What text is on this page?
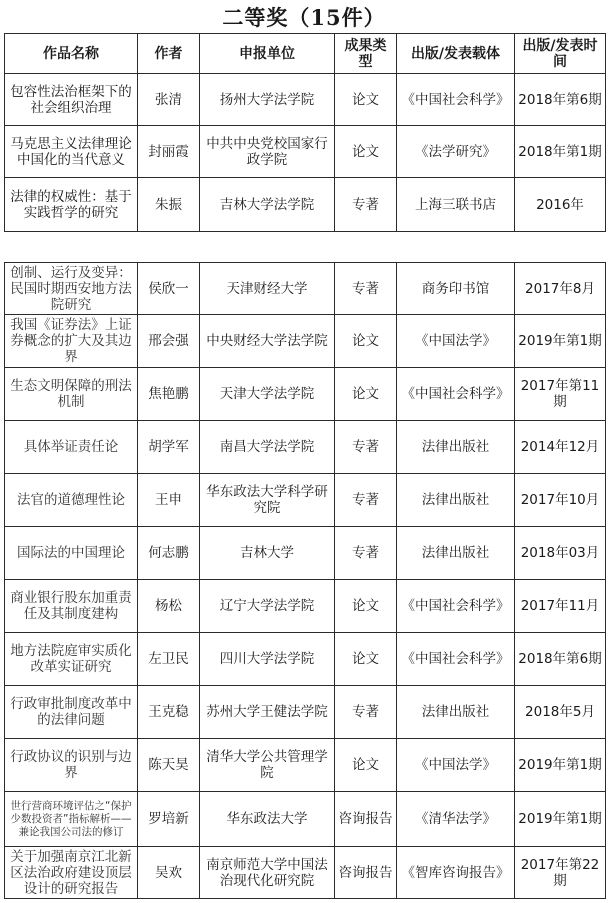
二等奖（15件）
作品名称	作者	申报单位	成果类型	出版/发表载体	出版/发表时间
包容性法治框架下的社会组织治理	张清	扬州大学法学院	论文	《中国社会科学》	2018年第6期
马克思主义法律理论中国化的当代意义	封丽霞	中共中央党校国家行政学院	论文	《法学研究》	2018年第1期
法律的权威性：基于实践哲学的研究	朱振	吉林大学法学院	专著	上海三联书店	2016年
创制、运行及变异：民国时期西安地方法院研究	侯欣一	天津财经大学	专著	商务印书馆	2017年8月
我国《证券法》上证券概念的扩大及其边界	邢会强	中央财经大学法学院	论文	《中国法学》	2019年第1期
生态文明保障的刑法机制	焦艳鹏	天津大学法学院	论文	《中国社会科学》	2017年第11期
具体举证责任论	胡学军	南昌大学法学院	专著	法律出版社	2014年12月
法官的道德理性论	王申	华东政法大学科学研究院	专著	法律出版社	2017年10月
国际法的中国理论	何志鹏	吉林大学	专著	法律出版社	2018年03月
商业银行股东加重责任及其制度建构	杨松	辽宁大学法学院	论文	《中国社会科学》	2017年11月
地方法院庭审实质化改革实证研究	左卫民	四川大学法学院	论文	《中国社会科学》	2018年第6期
行政审批制度改革中的法律问题	王克稳	苏州大学王健法学院	专著	法律出版社	2018年5月
行政协议的识别与边界	陈天昊	清华大学公共管理学院	论文	《中国法学》	2019年第1期
世行营商环境评估之“保护少数投资者”指标解析——兼论我国公司法的修订	罗培新	华东政法大学	咨询报告	《清华法学》	2019年第1期
关于加强南京江北新区法治政府建设顶层设计的研究报告	吴欢	南京师范大学中国法治现代化研究院	咨询报告	《智库咨询报告》	2017年第22期
